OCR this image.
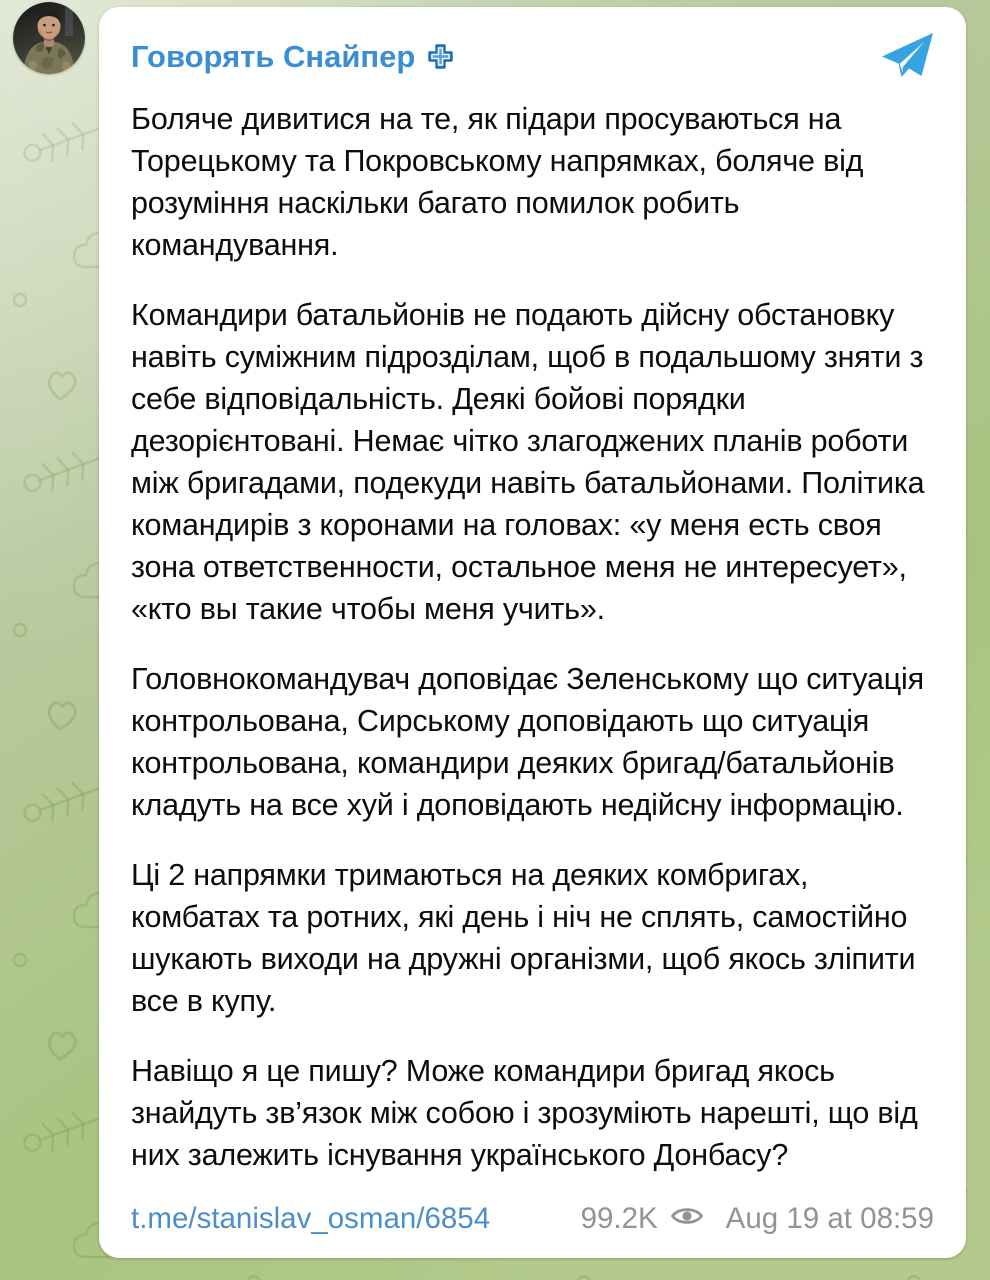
Говорять Снайпер

Боляче дивитися на те, як підари просуваються на Торецькому та Покровському напрямках, боляче від розуміння наскільки багато помилок робить командування.

Командири батальйонів не подають дійсну обстановку навіть суміжним підрозділам, щоб в подальшому зняти з себе відповідальність. Деякі бойові порядки дезорієнтовані. Немає чітко злагоджених планів роботи між бригадами, подекуди навіть батальйонами. Політика командирів з коронами на головах: «у меня есть своя зона ответственности, остальное меня не интересует», «кто вы такие чтобы меня учить».

Головнокомандувач доповідає Зеленському що ситуація контрольована, Сирському доповідають що ситуація контрольована, командири деяких бригад/батальйонів кладуть на все хуй і доповідають недійсну інформацію.

Ці 2 напрямки тримаються на деяких комбригах, комбатах та ротних, які день і ніч не сплять, самостійно шукають виходи на дружні організми, щоб якось зліпити все в купу.

Навіщо я це пишу? Може командири бригад якось знайдуть зв’язок між собою і зрозуміють нарешті, що від них залежить існування українського Донбасу?

t.me/stanislav_osman/6854	99.2K Aug 19 at 08:59
